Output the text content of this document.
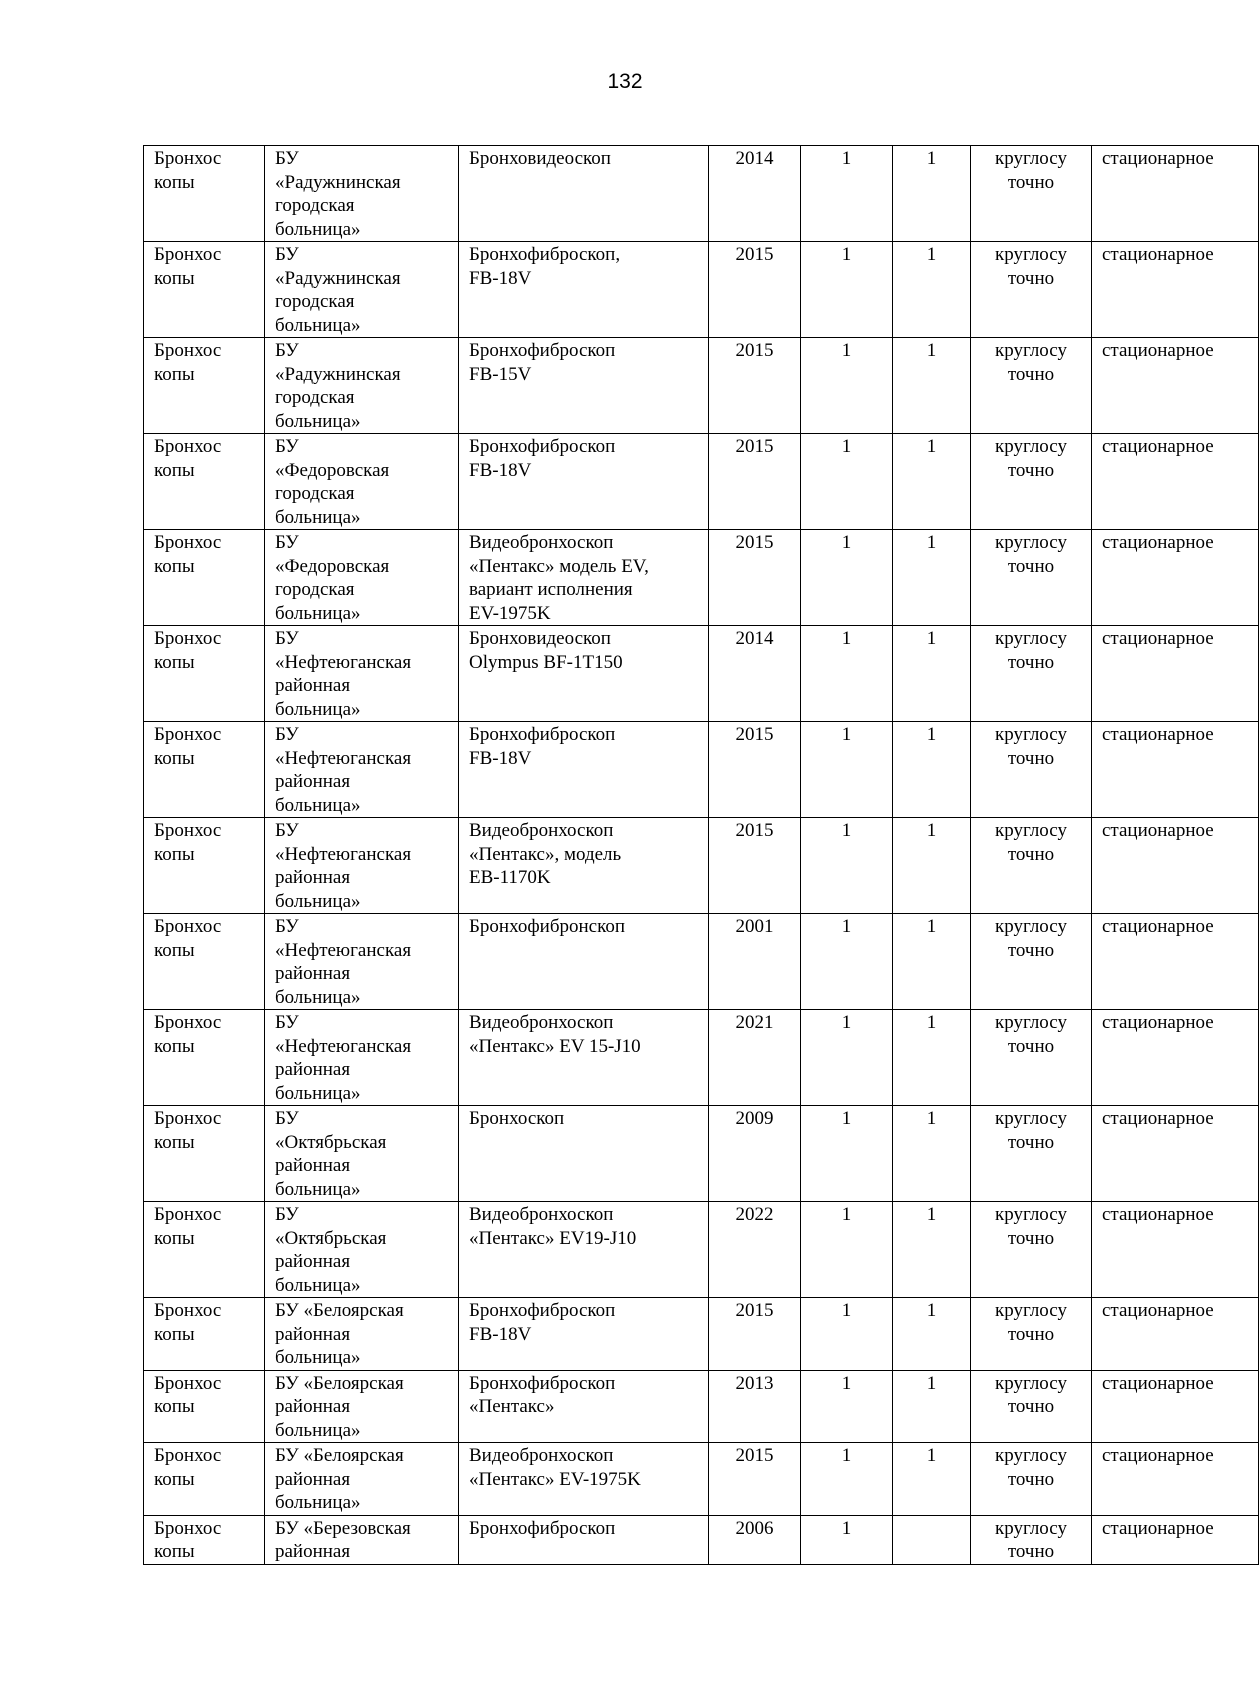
132
Бронхос
копы	БУ
«Радужнинская
городская
больница»	Бронховидеоскоп	2014	1	1	круглосу
точно	стационарное

Бронхос
копы	БУ
«Радужнинская
городская
больница»	Бронхофиброскоп,
FB-18V	2015	1	1	круглосу
точно	стационарное

Бронхос
копы	БУ
«Радужнинская
городская
больница»	Бронхофиброскоп
FB-15V	2015	1	1	круглосу
точно	стационарное

Бронхос
копы	БУ
«Федоровская
городская
больница»	Бронхофиброскоп
FB-18V	2015	1	1	круглосу
точно	стационарное

Бронхос
копы	БУ
«Федоровская
городская
больница»	Видеобронхоскоп
«Пентакс» модель EV,
вариант исполнения
EV-1975K	2015	1	1	круглосу
точно	стационарное

Бронхос
копы	БУ
«Нефтеюганская
районная
больница»	Бронховидеоскоп
Olympus BF-1T150	2014	1	1	круглосу
точно	стационарное

Бронхос
копы	БУ
«Нефтеюганская
районная
больница»	Бронхофиброскоп
FB-18V	2015	1	1	круглосу
точно	стационарное

Бронхос
копы	БУ
«Нефтеюганская
районная
больница»	Видеобронхоскоп
«Пентакс», модель
EB-1170K	2015	1	1	круглосу
точно	стационарное

Бронхос
копы	БУ
«Нефтеюганская
районная
больница»	Бронхофибронскоп	2001	1	1	круглосу
точно	стационарное

Бронхос
копы	БУ
«Нефтеюганская
районная
больница»	Видеобронхоскоп
«Пентакс» EV 15-J10	2021	1	1	круглосу
точно	стационарное

Бронхос
копы	БУ
«Октябрьская
районная
больница»	Бронхоскоп	2009	1	1	круглосу
точно	стационарное

Бронхос
копы	БУ
«Октябрьская
районная
больница»	Видеобронхоскоп
«Пентакс» EV19-J10	2022	1	1	круглосу
точно	стационарное

Бронхос
копы	БУ «Белоярская
районная
больница»	Бронхофиброскоп
FB-18V	2015	1	1	круглосу
точно	стационарное

Бронхос
копы	БУ «Белоярская
районная
больница»	Бронхофиброскоп
«Пентакс»	2013	1	1	круглосу
точно	стационарное

Бронхос
копы	БУ «Белоярская
районная
больница»	Видеобронхоскоп
«Пентакс» EV-1975K	2015	1	1	круглосу
точно	стационарное

Бронхос
копы	БУ «Березовская
районная	Бронхофиброскоп	2006	1		круглосу
точно	стационарное
